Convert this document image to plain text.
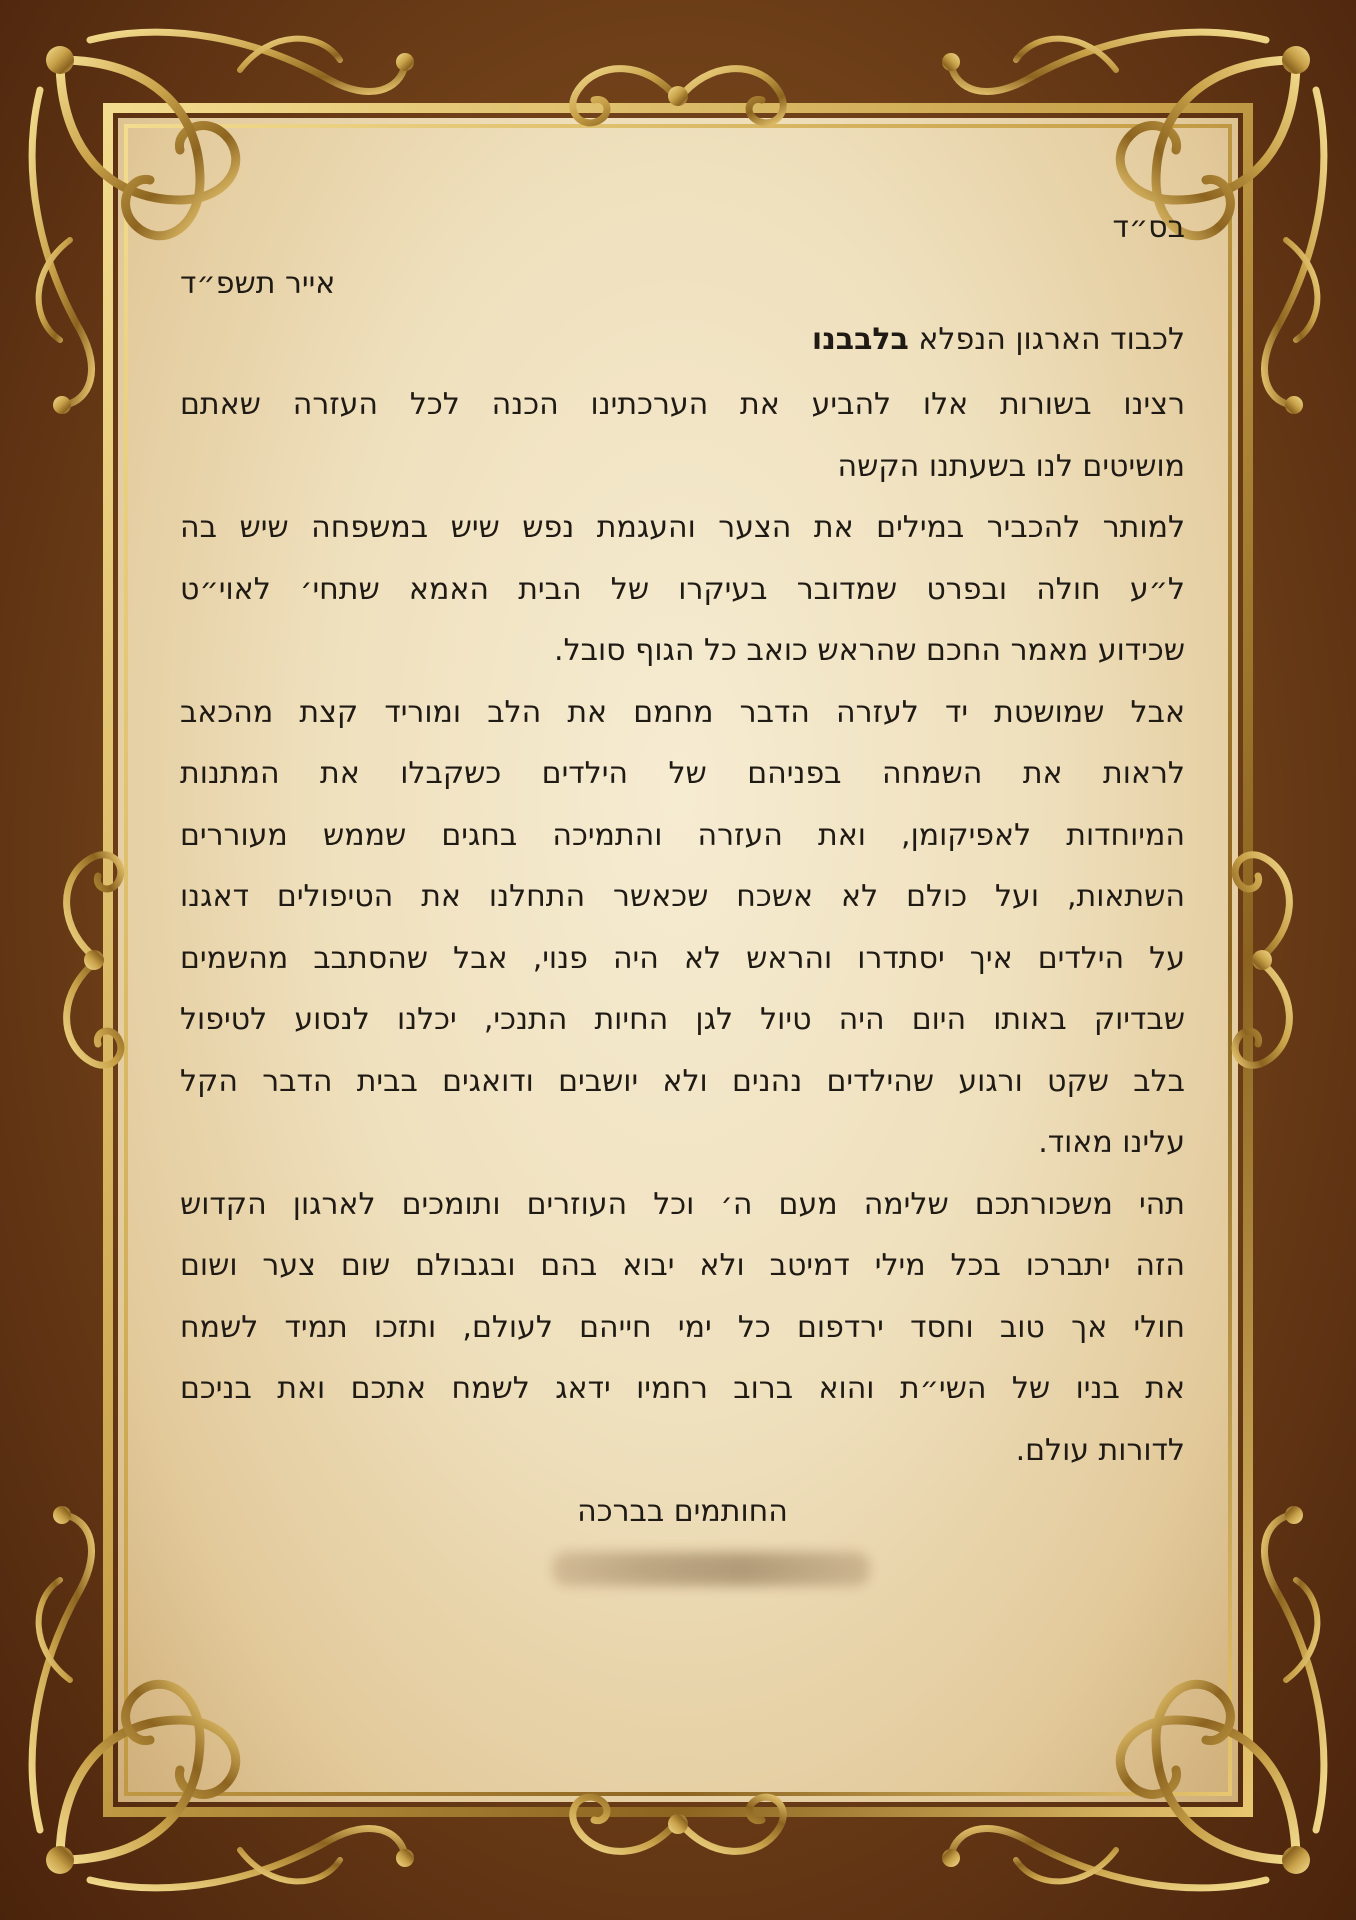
בס״ד
אייר תשפ״ד
לכבוד הארגון הנפלא בלבבנו
רצינו בשורות אלו להביע את הערכתינו הכנה לכל העזרה שאתם
מושיטים לנו בשעתנו הקשה
למותר להכביר במילים את הצער והעגמת נפש שיש במשפחה שיש בה
ל״ע חולה ובפרט שמדובר בעיקרו של הבית האמא שתחי׳ לאוי״ט
שכידוע מאמר החכם שהראש כואב כל הגוף סובל.
אבל שמושטת יד לעזרה הדבר מחמם את הלב ומוריד קצת מהכאב
לראות את השמחה בפניהם של הילדים כשקבלו את המתנות
המיוחדות לאפיקומן, ואת העזרה והתמיכה בחגים שממש מעוררים
השתאות, ועל כולם לא אשכח שכאשר התחלנו את הטיפולים דאגנו
על הילדים איך יסתדרו והראש לא היה פנוי, אבל שהסתבב מהשמים
שבדיוק באותו היום היה טיול לגן החיות התנכי, יכלנו לנסוע לטיפול
בלב שקט ורגוע שהילדים נהנים ולא יושבים ודואגים בבית הדבר הקל
עלינו מאוד.
תהי משכורתכם שלימה מעם ה׳ וכל העוזרים ותומכים לארגון הקדוש
הזה יתברכו בכל מילי דמיטב ולא יבוא בהם ובגבולם שום צער ושום
חולי אך טוב וחסד ירדפום כל ימי חייהם לעולם, ותזכו תמיד לשמח
את בניו של השי״ת והוא ברוב רחמיו ידאג לשמח אתכם ואת בניכם
לדורות עולם.
החותמים בברכה
